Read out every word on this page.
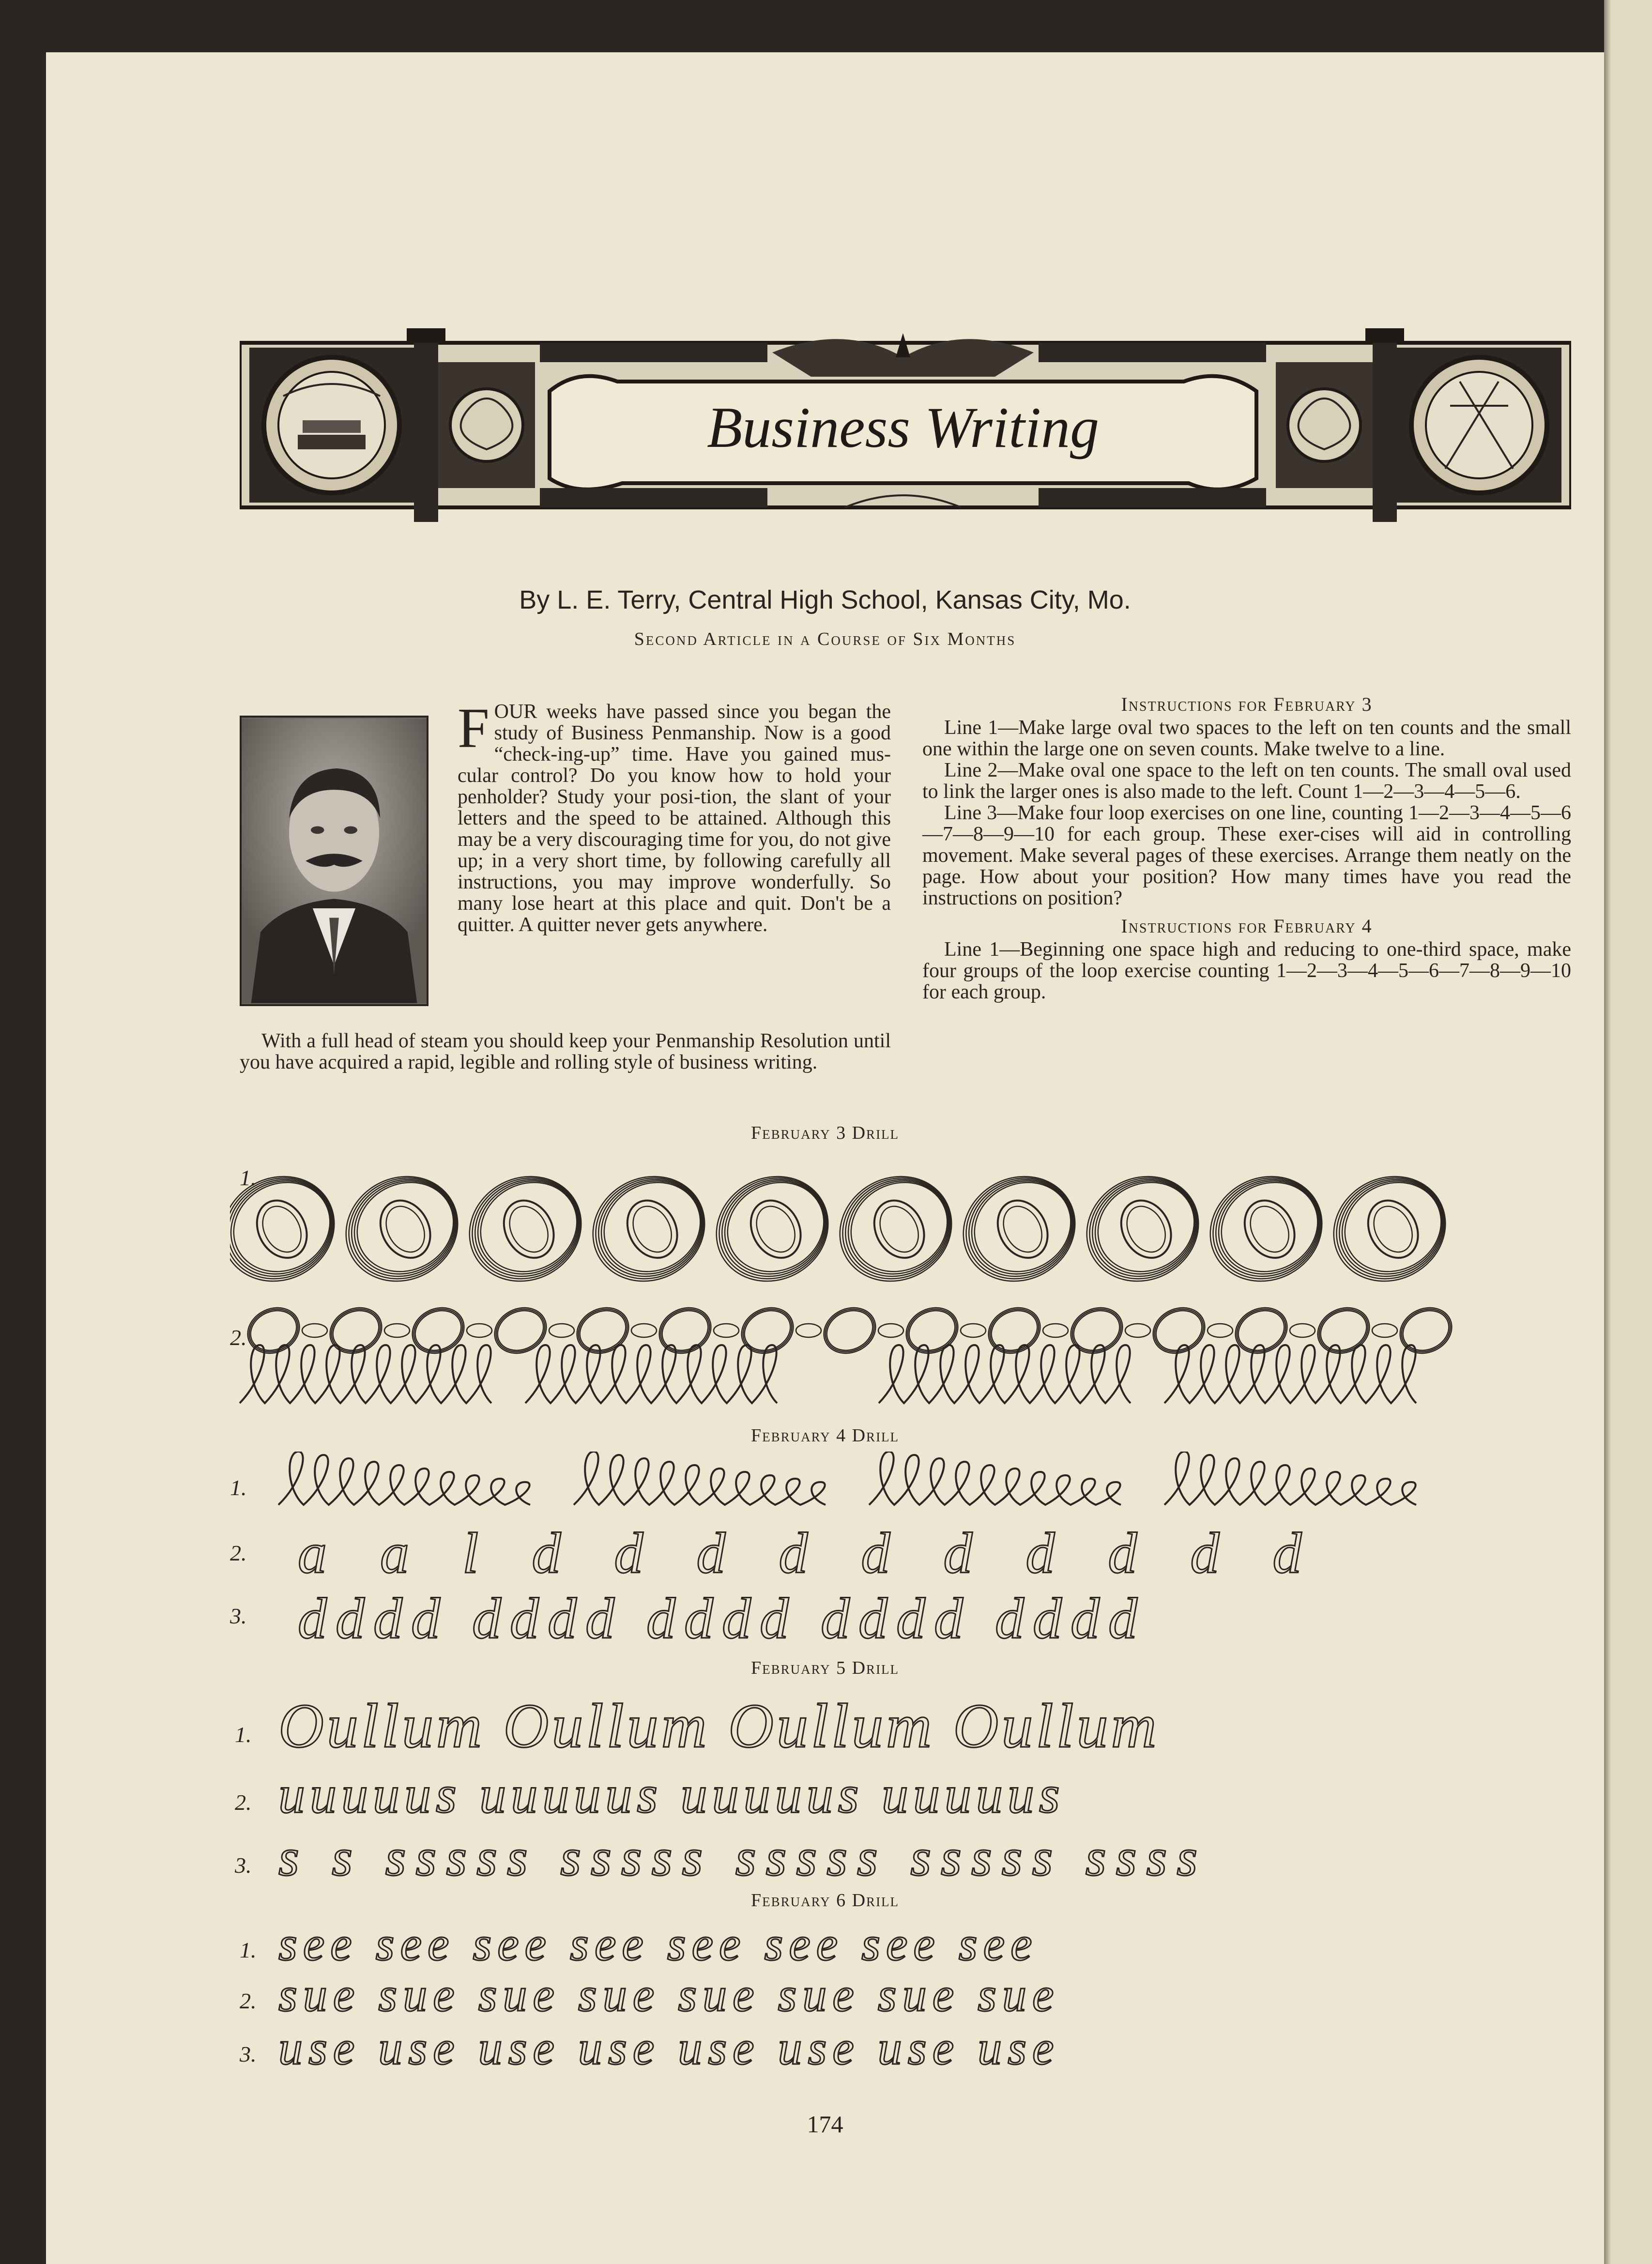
Business Writing
By L. E. Terry, Central High School, Kansas City, Mo.
Second Article in a Course of Six Months
FOUR weeks have passed since you began the study of Business Penmanship. Now is a good “check-ing-up” time. Have you gained mus-cular control? Do you know how to hold your penholder? Study your posi-tion, the slant of your letters and the speed to be attained. Although this may be a very discouraging time for you, do not give up; in a very short time, by following carefully all instructions, you may improve wonderfully. So many lose heart at this place and quit. Don't be a quitter. A quitter never gets anywhere.
With a full head of steam you should keep your Penmanship Resolution until you have acquired a rapid, legible and rolling style of business writing.
Instructions for February 3

Line 1—Make large oval two spaces to the left on ten counts and the small one within the large one on seven counts. Make twelve to a line.

Line 2—Make oval one space to the left on ten counts. The small oval used to link the larger ones is also made to the left. Count 1—2—3—4—5—6.

Line 3—Make four loop exercises on one line, counting 1—2—3—4—5—6—7—8—9—10 for each group. These exer-cises will aid in controlling movement. Make several pages of these exercises. Arrange them neatly on the page. How about your position? How many times have you read the instructions on position?

Instructions for February 4

Line 1—Beginning one space high and reducing to one-third space, make four groups of the loop exercise counting 1—2—3—4—5—6—7—8—9—10 for each group.

February 3 Drill
2.
1.
February 4 Drill
1.
2.
3.
a a l d d d d d d d d d d
dddd dddd dddd dddd dddd
February 5 Drill
1.
2.
3.
Oullum Oullum Oullum Oullum
uuuuus uuuuus uuuuus uuuuus
s s sssss sssss sssss sssss ssss
February 6 Drill
1.
2.
3.
see see see see see see see see
sue sue sue sue sue sue sue sue
use use use use use use use use
174
